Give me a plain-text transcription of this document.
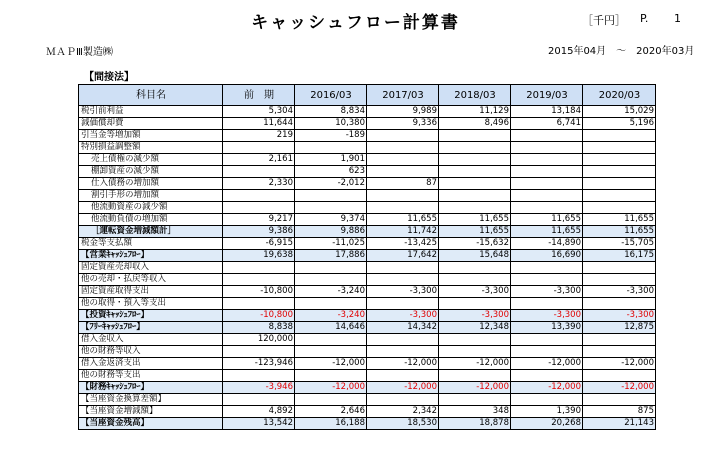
キャッシュフロー計算書	［千円］ P. 1
ＭＡＰⅢ製造㈱	2015年04月　～　2020年03月
【間接法】
科目名	前　期	2016/03	2017/03	2018/03	2019/03	2020/03
税引前利益	5,304	8,834	9,989	11,129	13,184	15,029
減価償却費	11,644	10,380	9,336	8,496	6,741	5,196
引当金等増加額	219	-189				
特別損益調整額						
売上債権の減少額	2,161	1,901				
棚卸資産の減少額		623				
仕入債務の増加額	2,330	-2,012	87			
割引手形の増加額						
他流動資産の減少額						
他流動負債の増加額	9,217	9,374	11,655	11,655	11,655	11,655
［運転資金増減額計］	9,386	9,886	11,742	11,655	11,655	11,655
税金等支払額	-6,915	-11,025	-13,425	-15,632	-14,890	-15,705
【営業ｷｬｯｼｭﾌﾛｰ】	19,638	17,886	17,642	15,648	16,690	16,175
固定資産売却収入						
他の売却・払戻等収入						
固定資産取得支出	-10,800	-3,240	-3,300	-3,300	-3,300	-3,300
他の取得・預入等支出						
【投資ｷｬｯｼｭﾌﾛｰ】	-10,800	-3,240	-3,300	-3,300	-3,300	-3,300
【ﾌﾘｰｷｬｯｼｭﾌﾛｰ】	8,838	14,646	14,342	12,348	13,390	12,875
借入金収入	120,000					
他の財務等収入						
借入金返済支出	-123,946	-12,000	-12,000	-12,000	-12,000	-12,000
他の財務等支出						
【財務ｷｬｯｼｭﾌﾛｰ】	-3,946	-12,000	-12,000	-12,000	-12,000	-12,000
【当座資金換算差額】						
【当座資金増減額】	4,892	2,646	2,342	348	1,390	875
【当座資金残高】	13,542	16,188	18,530	18,878	20,268	21,143
